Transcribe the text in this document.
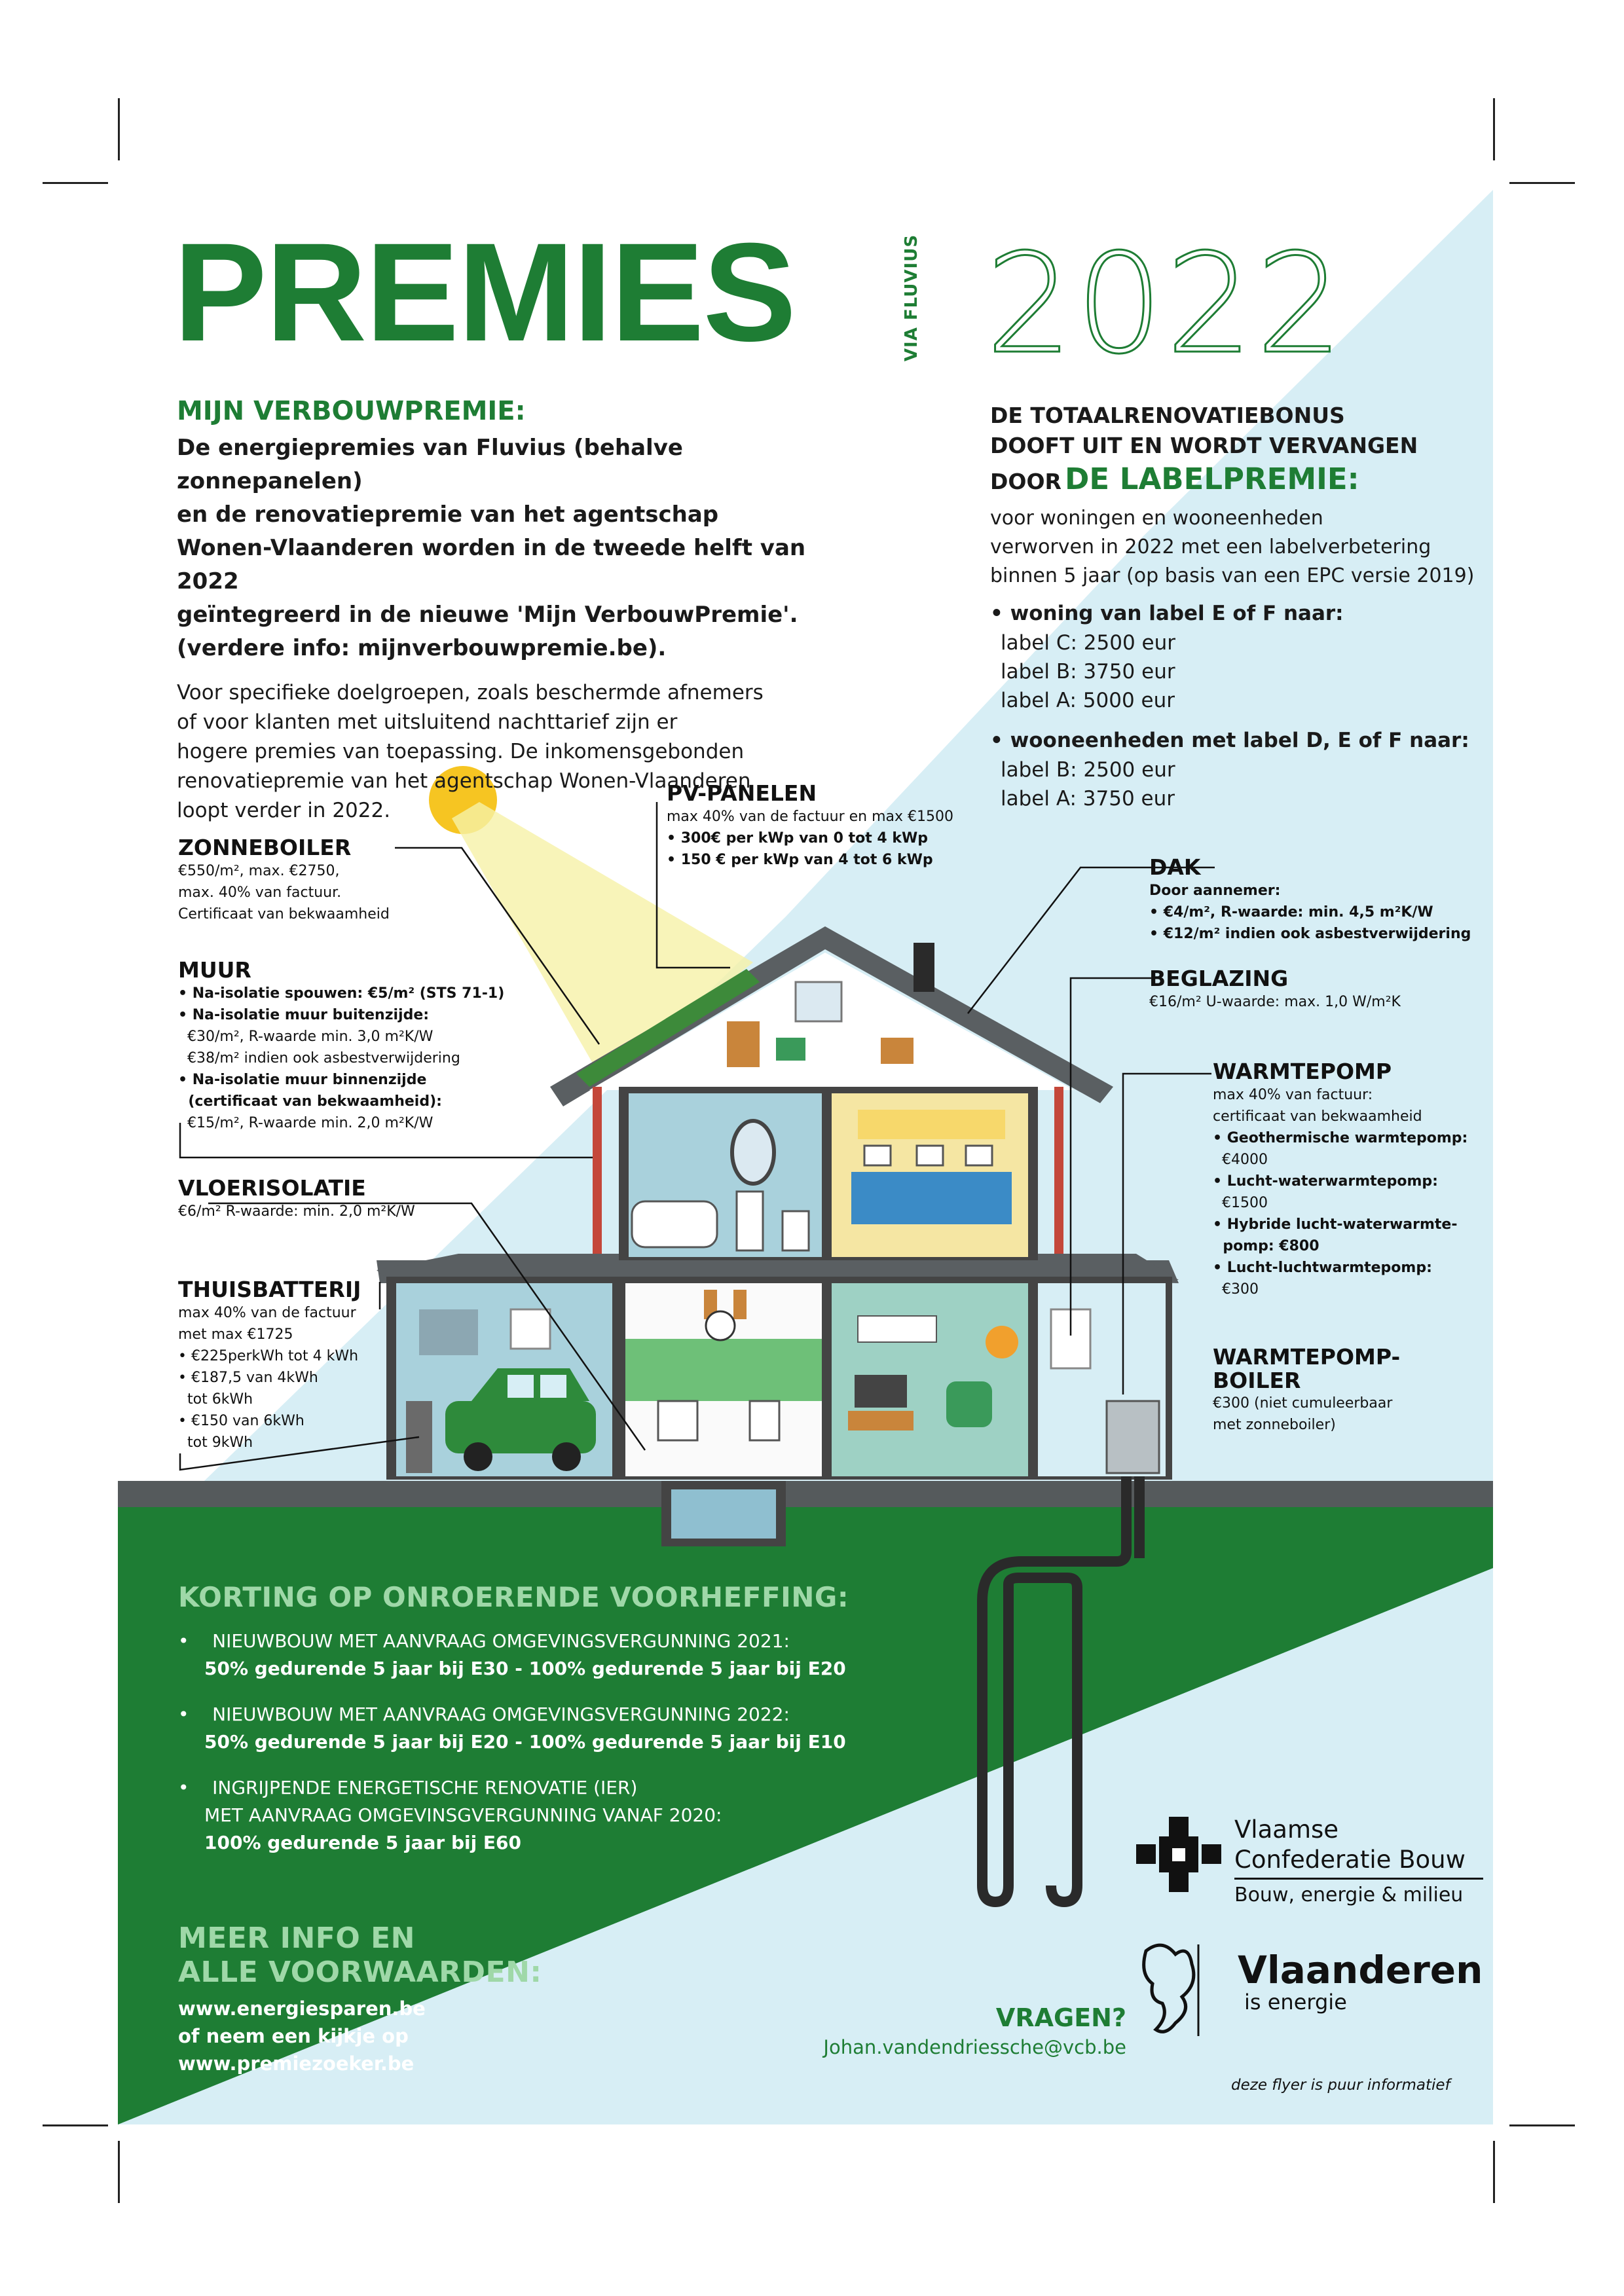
PREMIES	VIA FLUVIUS 2022
MIJN VERBOUWPREMIE:
De energiepremies van Fluvius (behalve zonnepanelen)
en de renovatiepremie van het agentschap
Wonen-Vlaanderen worden in de tweede helft van 2022
geïntegreerd in de nieuwe 'Mijn VerbouwPremie'.
(verdere info: mijnverbouwpremie.be).
Voor specifieke doelgroepen, zoals beschermde afnemers
of voor klanten met uitsluitend nachttarief zijn er
hogere premies van toepassing. De inkomensgebonden
renovatiepremie van het agentschap Wonen-Vlaanderen
loopt verder in 2022.
DE TOTAALRENOVATIEBONUS
DOOFT UIT EN WORDT VERVANGEN
DOOR DE LABELPREMIE:
voor woningen en wooneenheden
verworven in 2022 met een labelverbetering
binnen 5 jaar (op basis van een EPC versie 2019)
• woning van label E of F naar:
label C: 2500 eur
label B: 3750 eur
label A: 5000 eur
• wooneenheden met label D, E of F naar:
label B: 2500 eur
label A: 3750 eur
ZONNEBOILER
€550/m², max. €2750,
max. 40% van factuur.
Certificaat van bekwaamheid
MUUR
• Na-isolatie spouwen: €5/m² (STS 71-1)
• Na-isolatie muur buitenzijde:
€30/m², R-waarde min. 3,0 m²K/W
€38/m² indien ook asbestverwijdering
• Na-isolatie muur binnenzijde
(certificaat van bekwaamheid):
€15/m², R-waarde min. 2,0 m²K/W
VLOERISOLATIE
€6/m² R-waarde: min. 2,0 m²K/W
THUISBATTERIJ
max 40% van de factuur
met max €1725
• €225perkWh tot 4 kWh
• €187,5 van 4kWh
tot 6kWh
• €150 van 6kWh
tot 9kWh
PV-PANELEN
max 40% van de factuur en max €1500
• 300€ per kWp van 0 tot 4 kWp
• 150 € per kWp van 4 tot 6 kWp	DAK
Door aannemer:
• €4/m², R-waarde: min. 4,5 m²K/W
• €12/m² indien ook asbestverwijdering
BEGLAZING
€16/m² U-waarde: max. 1,0 W/m²K
WARMTEPOMP
max 40% van factuur:
certificaat van bekwaamheid
• Geothermische warmtepomp:
€4000
• Lucht-waterwarmtepomp:
€1500
• Hybride lucht-waterwarmte-
pomp: €800
• Lucht-luchtwarmtepomp:
€300
WARMTEPOMP-
BOILER
€300 (niet cumuleerbaar
met zonneboiler)
KORTING OP ONROERENDE VOORHEFFING:
•    NIEUWBOUW MET AANVRAAG OMGEVINGSVERGUNNING 2021:
50% gedurende 5 jaar bij E30 - 100% gedurende 5 jaar bij E20
•    NIEUWBOUW MET AANVRAAG OMGEVINGSVERGUNNING 2022:
50% gedurende 5 jaar bij E20 - 100% gedurende 5 jaar bij E10
•    INGRIJPENDE ENERGETISCHE RENOVATIE (IER)
MET AANVRAAG OMGEVINSGVERGUNNING VANAF 2020:
100% gedurende 5 jaar bij E60
MEER INFO EN
ALLE VOORWAARDEN:
www.energiesparen.be
of neem een kijkje op
www.premiezoeker.be
VRAGEN?
Johan.vandendriessche@vcb.be
Vlaamse
Confederatie Bouw
Bouw, energie & milieu
Vlaanderen
is energie
deze flyer is puur informatief
